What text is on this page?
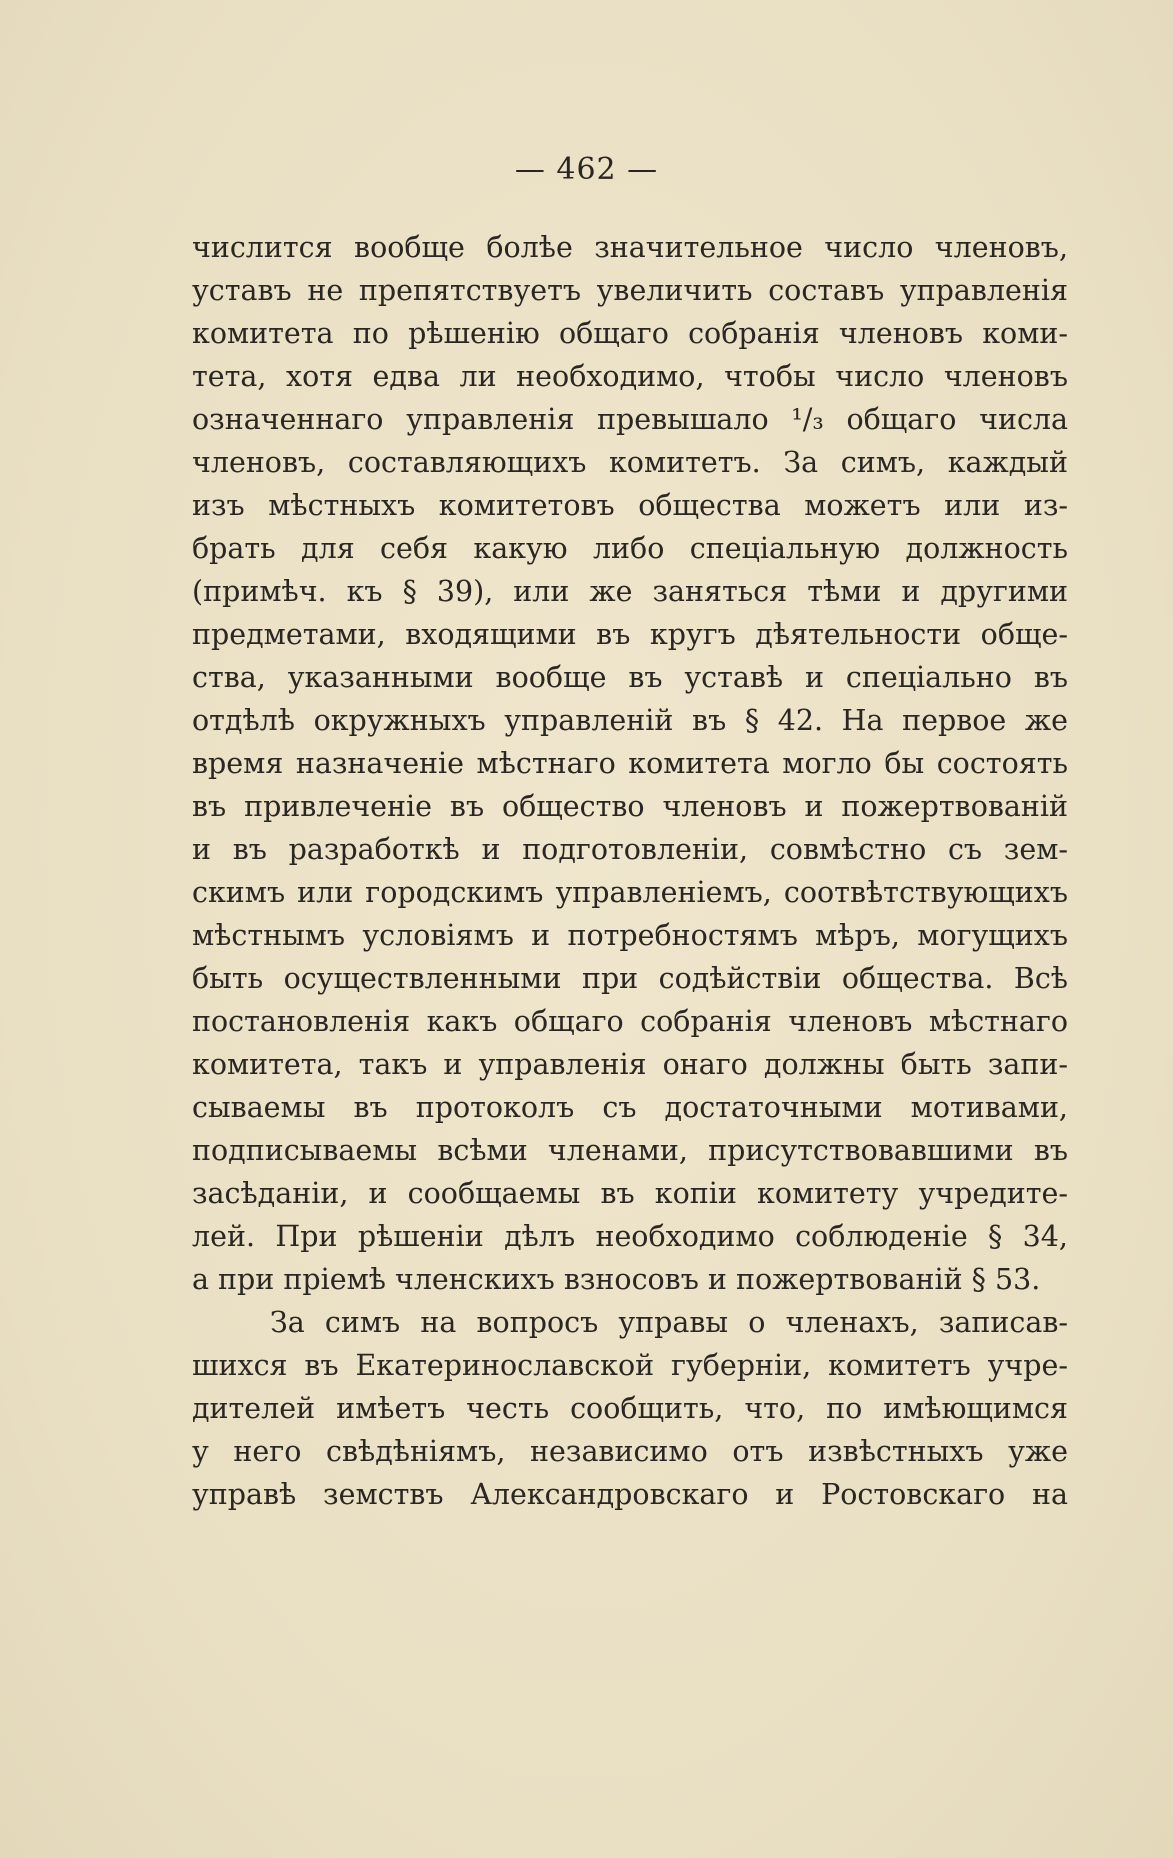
— 462 —
числится вообще болѣе значительное число членовъ,
уставъ не препятствуетъ увеличить составъ управленія
комитета по рѣшенію общаго собранія членовъ коми-
тета, хотя едва ли необходимо, чтобы число членовъ
означеннаго управленія превышало ¹/₃ общаго числа
членовъ, составляющихъ комитетъ. За симъ, каждый
изъ мѣстныхъ комитетовъ общества можетъ или из-
брать для себя какую либо спеціальную должность
(примѣч. къ § 39), или же заняться тѣми и другими
предметами, входящими въ кругъ дѣятельности обще-
ства, указанными вообще въ уставѣ и спеціально въ
отдѣлѣ окружныхъ управленій въ § 42. На первое же
время назначеніе мѣстнаго комитета могло бы состоять
въ привлеченіе въ общество членовъ и пожертвованій
и въ разработкѣ и подготовленіи, совмѣстно съ зем-
скимъ или городскимъ управленіемъ, соотвѣтствующихъ
мѣстнымъ условіямъ и потребностямъ мѣръ, могущихъ
быть осуществленными при содѣйствіи общества. Всѣ
постановленія какъ общаго собранія членовъ мѣстнаго
комитета, такъ и управленія онаго должны быть запи-
сываемы въ протоколъ съ достаточными мотивами,
подписываемы всѣми членами, присутствовавшими въ
засѣданіи, и сообщаемы въ копіи комитету учредите-
лей. При рѣшеніи дѣлъ необходимо соблюденіе § 34,
а при пріемѣ членскихъ взносовъ и пожертвованій § 53.
За симъ на вопросъ управы о членахъ, записав-
шихся въ Екатеринославской губерніи, комитетъ учре-
дителей имѣетъ честь сообщить, что, по имѣющимся
у него свѣдѣніямъ, независимо отъ извѣстныхъ уже
управѣ земствъ Александровскаго и Ростовскаго на
